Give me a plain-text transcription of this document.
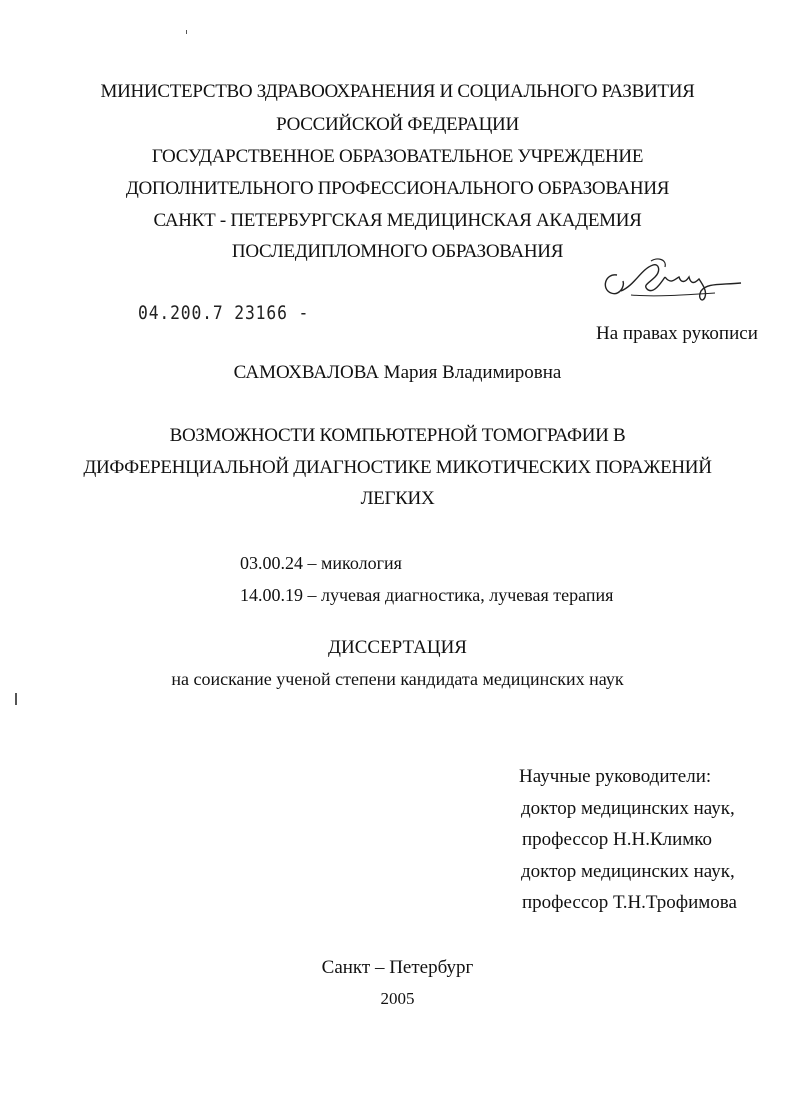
МИНИСТЕРСТВО ЗДРАВООХРАНЕНИЯ И СОЦИАЛЬНОГО РАЗВИТИЯ
РОССИЙСКОЙ ФЕДЕРАЦИИ
ГОСУДАРСТВЕННОЕ ОБРАЗОВАТЕЛЬНОЕ УЧРЕЖДЕНИЕ
ДОПОЛНИТЕЛЬНОГО ПРОФЕССИОНАЛЬНОГО ОБРАЗОВАНИЯ
САНКТ - ПЕТЕРБУРГСКАЯ МЕДИЦИНСКАЯ АКАДЕМИЯ
ПОСЛЕДИПЛОМНОГО ОБРАЗОВАНИЯ
04.200.7 23166 -
На правах рукописи
САМОХВАЛОВА Мария Владимировна
ВОЗМОЖНОСТИ КОМПЬЮТЕРНОЙ ТОМОГРАФИИ В
ДИФФЕРЕНЦИАЛЬНОЙ ДИАГНОСТИКЕ МИКОТИЧЕСКИХ ПОРАЖЕНИЙ
ЛЕГКИХ
03.00.24 – микология
14.00.19 – лучевая диагностика, лучевая терапия
ДИССЕРТАЦИЯ
на соискание ученой степени кандидата медицинских наук
Научные руководители:
доктор медицинских наук,
профессор Н.Н.Климко
доктор медицинских наук,
профессор Т.Н.Трофимова
Санкт – Петербург
2005
